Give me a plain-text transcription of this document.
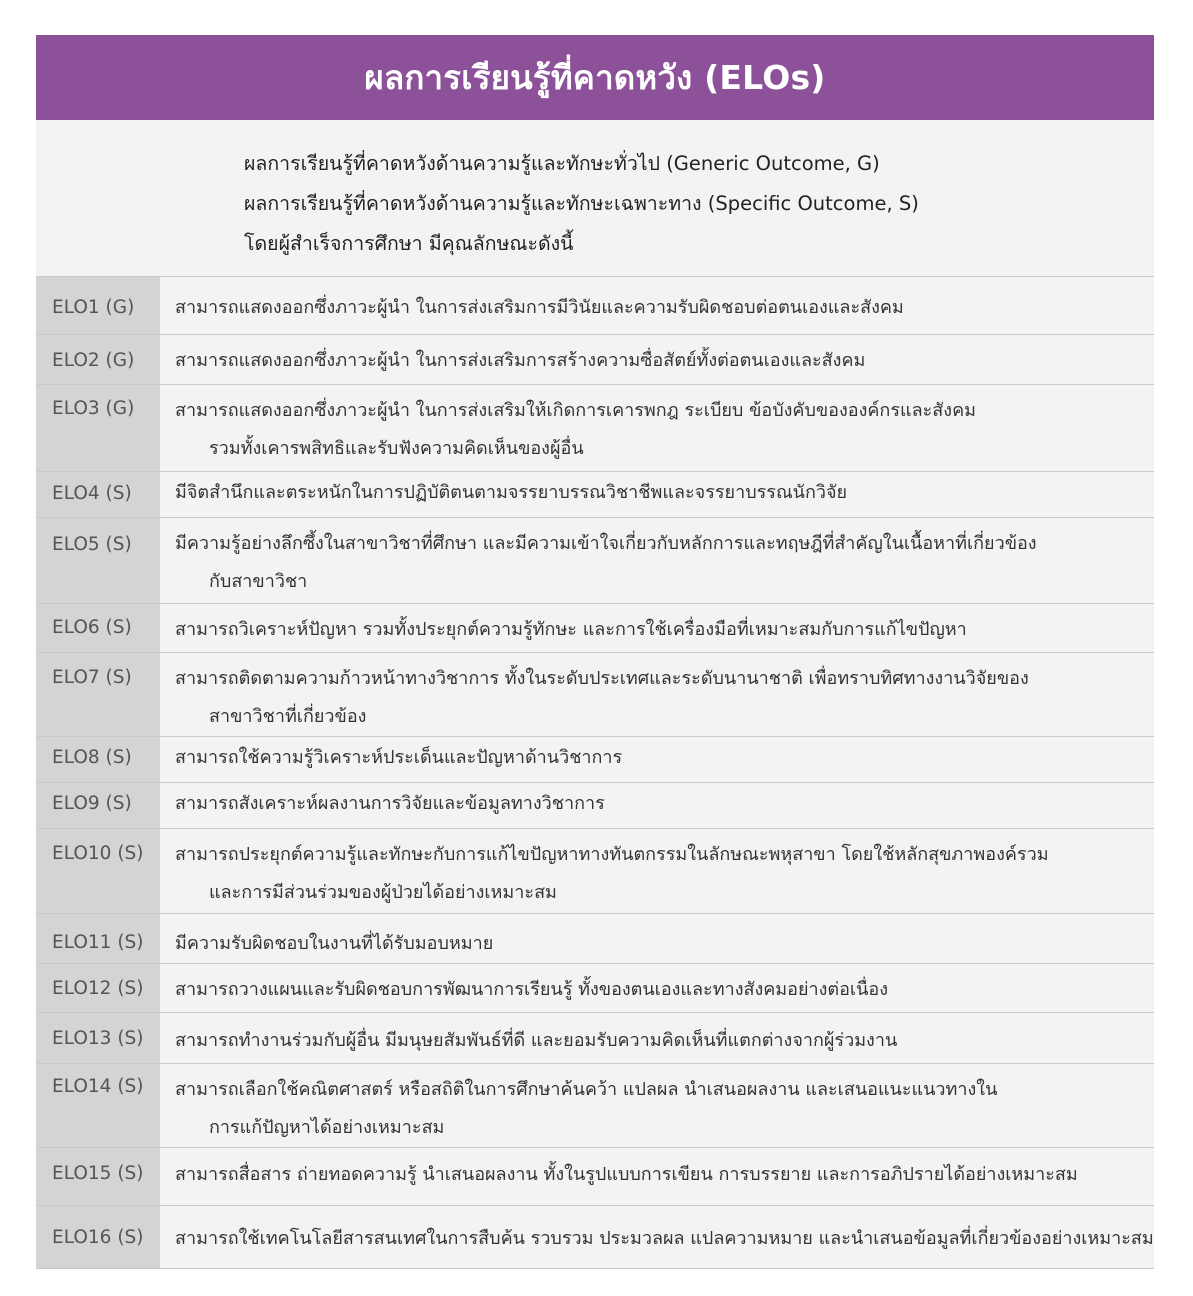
ผลการเรียนรู้ที่คาดหวัง (ELOs)
ผลการเรียนรู้ที่คาดหวังด้านความรู้และทักษะทั่วไป (Generic Outcome, G)
ผลการเรียนรู้ที่คาดหวังด้านความรู้และทักษะเฉพาะทาง (Specific Outcome, S)
โดยผู้สำเร็จการศึกษา มีคุณลักษณะดังนี้
ELO1 (G)	สามารถแสดงออกซึ่งภาวะผู้นำ ในการส่งเสริมการมีวินัยและความรับผิดชอบต่อตนเองและสังคม

ELO2 (G)	สามารถแสดงออกซึ่งภาวะผู้นำ ในการส่งเสริมการสร้างความซื่อสัตย์ทั้งต่อตนเองและสังคม

ELO3 (G)	สามารถแสดงออกซึ่งภาวะผู้นำ ในการส่งเสริมให้เกิดการเคารพกฎ ระเบียบ ข้อบังคับขององค์กรและสังคม
รวมทั้งเคารพสิทธิและรับฟังความคิดเห็นของผู้อื่น

ELO4 (S)	มีจิตสำนึกและตระหนักในการปฏิบัติตนตามจรรยาบรรณวิชาชีพและจรรยาบรรณนักวิจัย

ELO5 (S)	มีความรู้อย่างลึกซึ้งในสาขาวิชาที่ศึกษา และมีความเข้าใจเกี่ยวกับหลักการและทฤษฎีที่สำคัญในเนื้อหาที่เกี่ยวข้อง
กับสาขาวิชา

ELO6 (S)	สามารถวิเคราะห์ปัญหา รวมทั้งประยุกต์ความรู้ทักษะ และการใช้เครื่องมือที่เหมาะสมกับการแก้ไขปัญหา

ELO7 (S)	สามารถติดตามความก้าวหน้าทางวิชาการ ทั้งในระดับประเทศและระดับนานาชาติ เพื่อทราบทิศทางงานวิจัยของ
สาขาวิชาที่เกี่ยวข้อง

ELO8 (S)	สามารถใช้ความรู้วิเคราะห์ประเด็นและปัญหาด้านวิชาการ

ELO9 (S)	สามารถสังเคราะห์ผลงานการวิจัยและข้อมูลทางวิชาการ

ELO10 (S)	สามารถประยุกต์ความรู้และทักษะกับการแก้ไขปัญหาทางทันตกรรมในลักษณะพหุสาขา โดยใช้หลักสุขภาพองค์รวม
และการมีส่วนร่วมของผู้ป่วยได้อย่างเหมาะสม

ELO11 (S)	มีความรับผิดชอบในงานที่ได้รับมอบหมาย

ELO12 (S)	สามารถวางแผนและรับผิดชอบการพัฒนาการเรียนรู้ ทั้งของตนเองและทางสังคมอย่างต่อเนื่อง

ELO13 (S)	สามารถทำงานร่วมกับผู้อื่น มีมนุษยสัมพันธ์ที่ดี และยอมรับความคิดเห็นที่แตกต่างจากผู้ร่วมงาน

ELO14 (S)	สามารถเลือกใช้คณิตศาสตร์ หรือสถิติในการศึกษาค้นคว้า แปลผล นำเสนอผลงาน และเสนอแนะแนวทางใน
การแก้ปัญหาได้อย่างเหมาะสม

ELO15 (S)	สามารถสื่อสาร ถ่ายทอดความรู้ นำเสนอผลงาน ทั้งในรูปแบบการเขียน การบรรยาย และการอภิปรายได้อย่างเหมาะสม

ELO16 (S)	สามารถใช้เทคโนโลยีสารสนเทศในการสืบค้น รวบรวม ประมวลผล แปลความหมาย และนำเสนอข้อมูลที่เกี่ยวข้องอย่างเหมาะสม
